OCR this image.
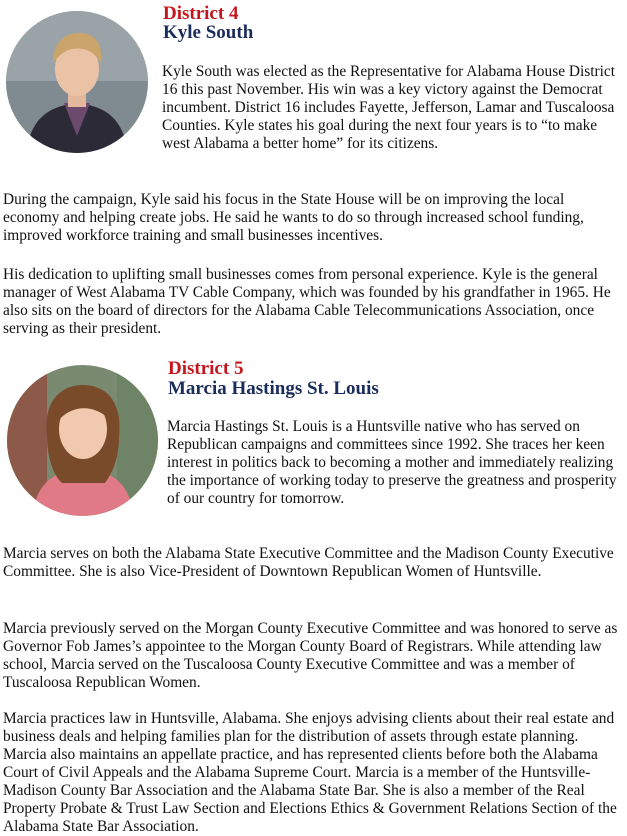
District 4
Kyle South

Kyle South was elected as the Representative for Alabama House District 16 this past November. His win was a key victory against the Democrat incumbent. District 16 includes Fayette, Jefferson, Lamar and Tuscaloosa Counties. Kyle states his goal during the next four years is to “to make west Alabama a better home” for its citizens.

During the campaign, Kyle said his focus in the State House will be on improving the local economy and helping create jobs. He said he wants to do so through increased school funding, improved workforce training and small businesses incentives.

His dedication to uplifting small businesses comes from personal experience. Kyle is the general manager of West Alabama TV Cable Company, which was founded by his grandfather in 1965. He also sits on the board of directors for the Alabama Cable Telecommunications Association, once serving as their president.

District 5
Marcia Hastings St. Louis

Marcia Hastings St. Louis is a Huntsville native who has served on Republican campaigns and committees since 1992. She traces her keen interest in politics back to becoming a mother and immediately realizing the importance of working today to preserve the greatness and prosperity of our country for tomorrow.

Marcia serves on both the Alabama State Executive Committee and the Madison County Executive Committee. She is also Vice-President of Downtown Republican Women of Huntsville.

Marcia previously served on the Morgan County Executive Committee and was honored to serve as Governor Fob James’s appointee to the Morgan County Board of Registrars. While attending law school, Marcia served on the Tuscaloosa County Executive Committee and was a member of Tuscaloosa Republican Women.

Marcia practices law in Huntsville, Alabama. She enjoys advising clients about their real estate and business deals and helping families plan for the distribution of assets through estate planning. Marcia also maintains an appellate practice, and has represented clients before both the Alabama Court of Civil Appeals and the Alabama Supreme Court. Marcia is a member of the Huntsville-Madison County Bar Association and the Alabama State Bar. She is also a member of the Real Property Probate & Trust Law Section and Elections Ethics & Government Relations Section of the Alabama State Bar Association.
